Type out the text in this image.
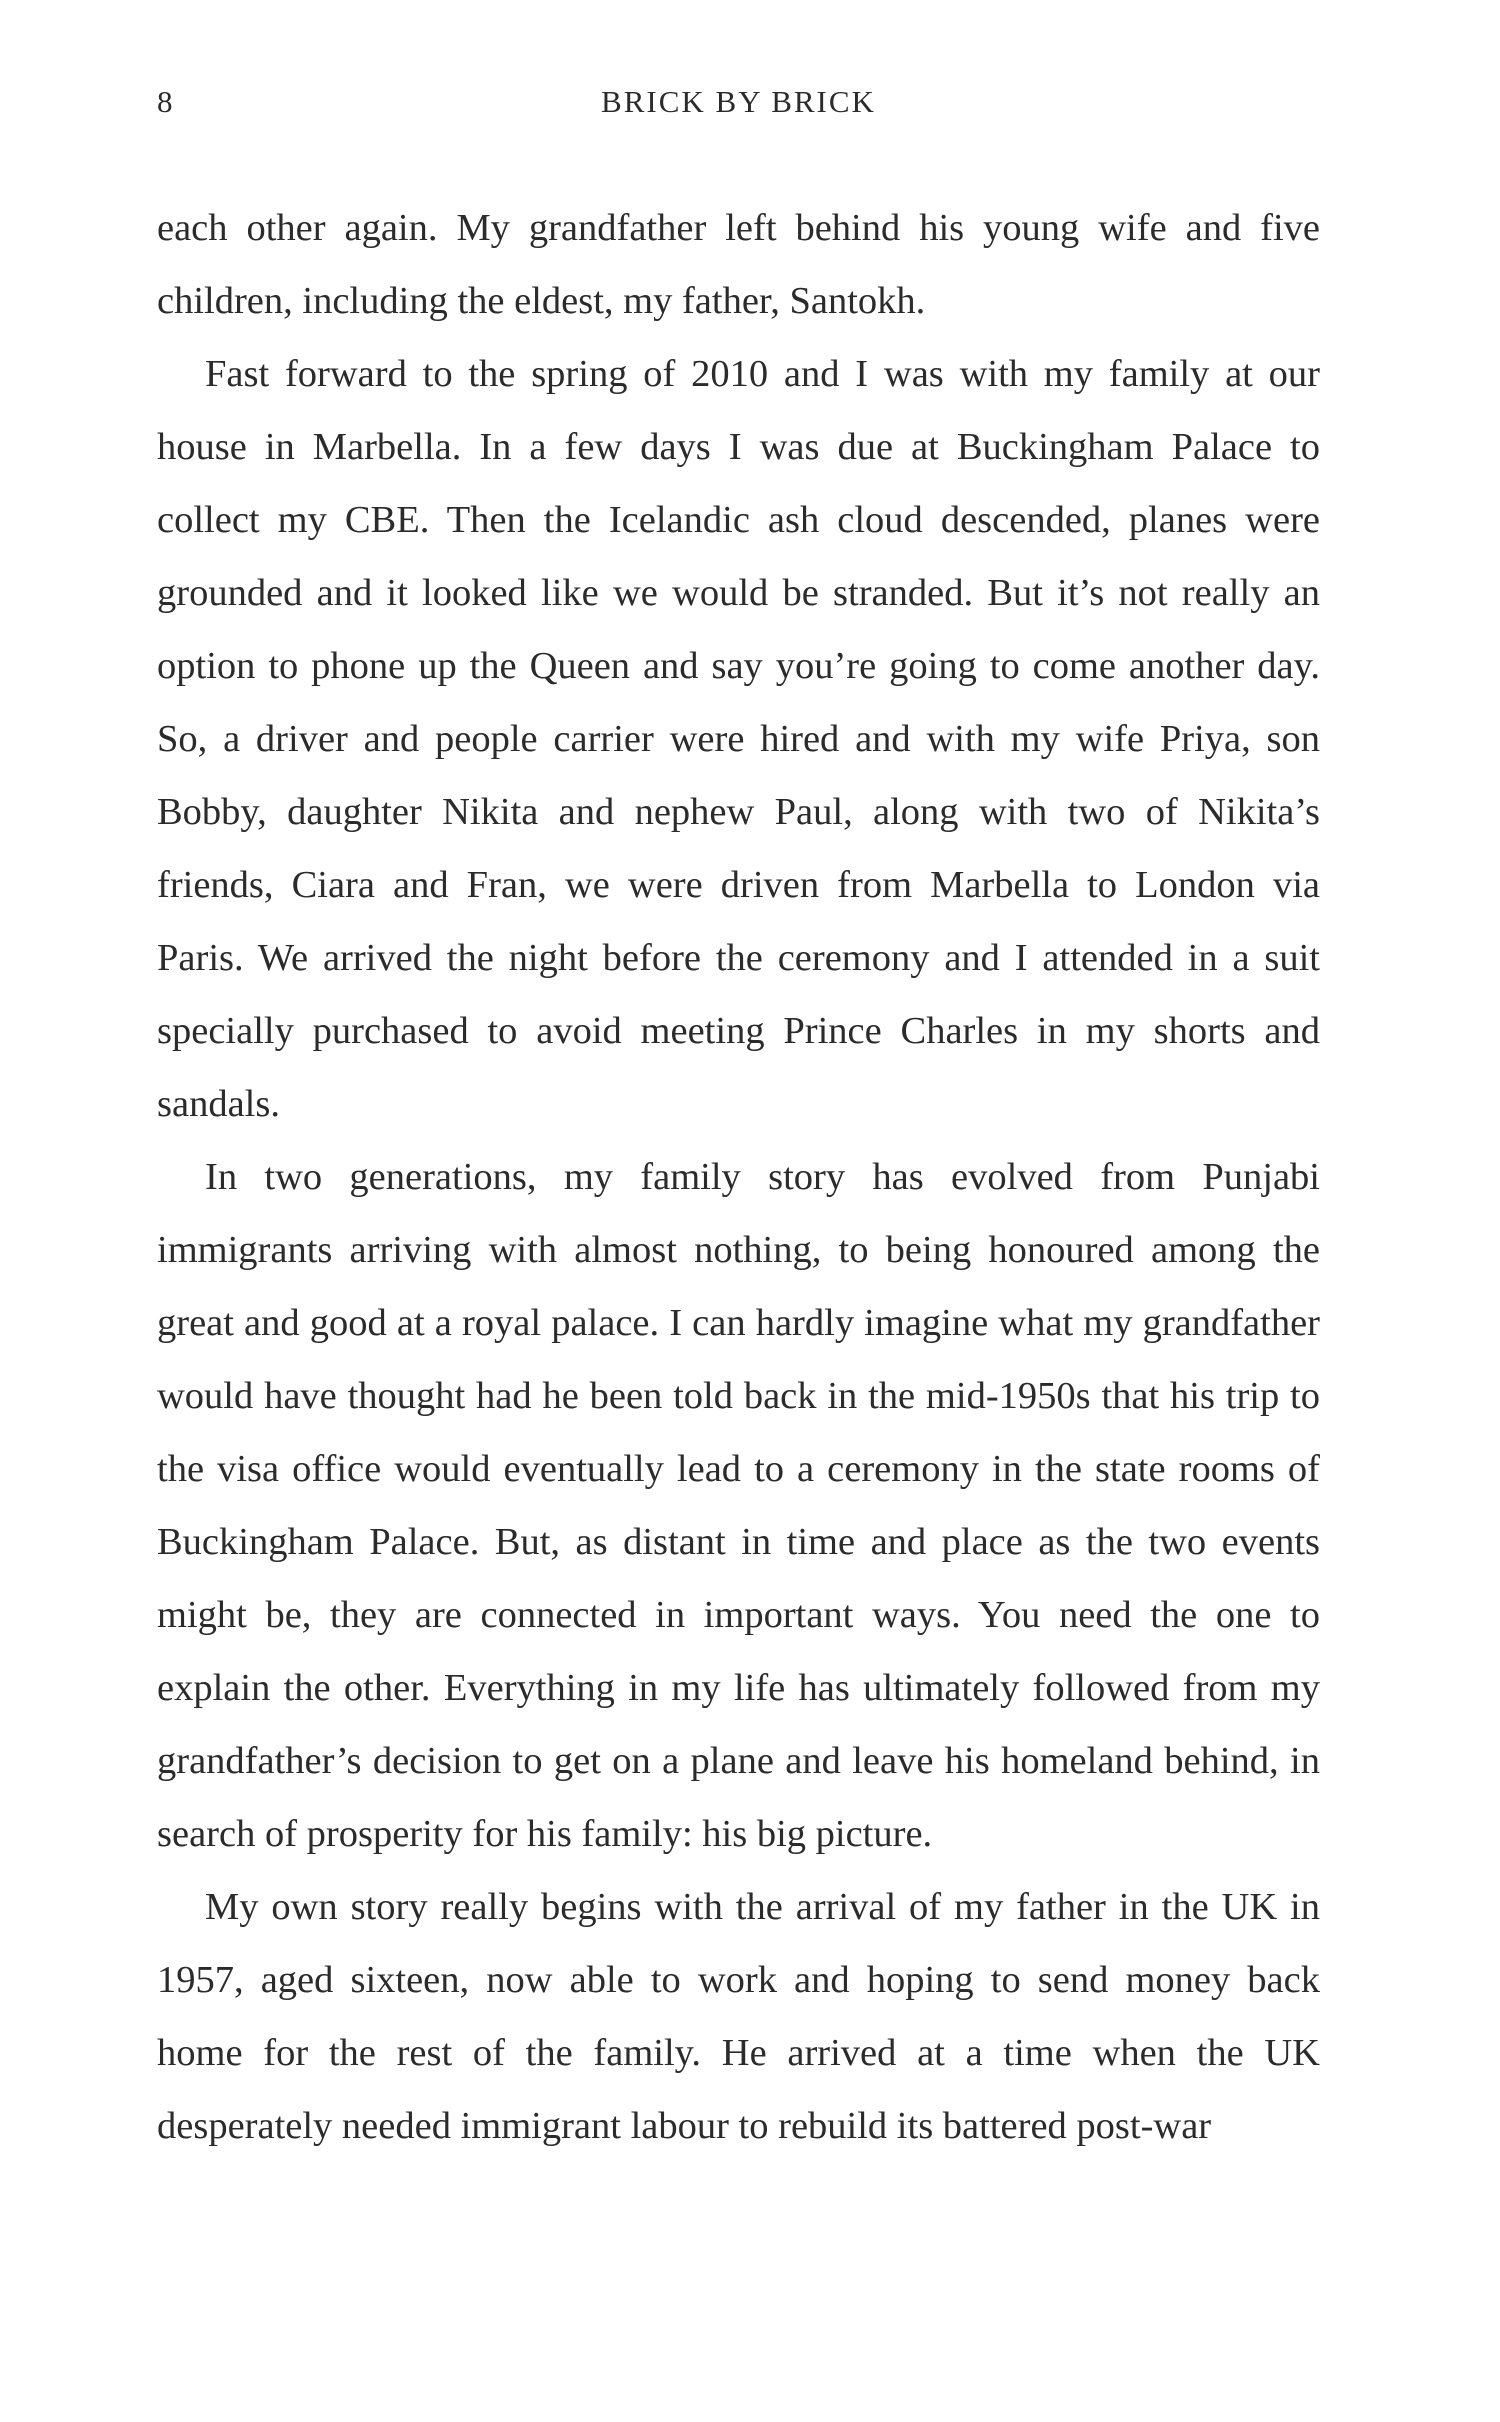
8	BRICK BY BRICK

each other again. My grandfather left behind his young wife and five children, including the eldest, my father, Santokh.

Fast forward to the spring of 2010 and I was with my family at our house in Marbella. In a few days I was due at Buckingham Palace to collect my CBE. Then the Icelandic ash cloud descended, planes were grounded and it looked like we would be stranded. But it’s not really an option to phone up the Queen and say you’re going to come another day. So, a driver and people carrier were hired and with my wife Priya, son Bobby, daughter Nikita and nephew Paul, along with two of Nikita’s friends, Ciara and Fran, we were driven from Marbella to London via Paris. We arrived the night before the ceremony and I attended in a suit specially purchased to avoid meeting Prince Charles in my shorts and sandals.

In two generations, my family story has evolved from Punjabi immigrants arriving with almost nothing, to being honoured among the great and good at a royal palace. I can hardly imagine what my grandfather would have thought had he been told back in the mid-1950s that his trip to the visa office would eventually lead to a ceremony in the state rooms of Buckingham Palace. But, as distant in time and place as the two events might be, they are connected in important ways. You need the one to explain the other. Everything in my life has ultimately followed from my grandfather’s decision to get on a plane and leave his homeland behind, in search of prosperity for his family: his big picture.

My own story really begins with the arrival of my father in the UK in 1957, aged sixteen, now able to work and hoping to send money back home for the rest of the family. He arrived at a time when the UK desperately needed immigrant labour to rebuild its battered post-war
